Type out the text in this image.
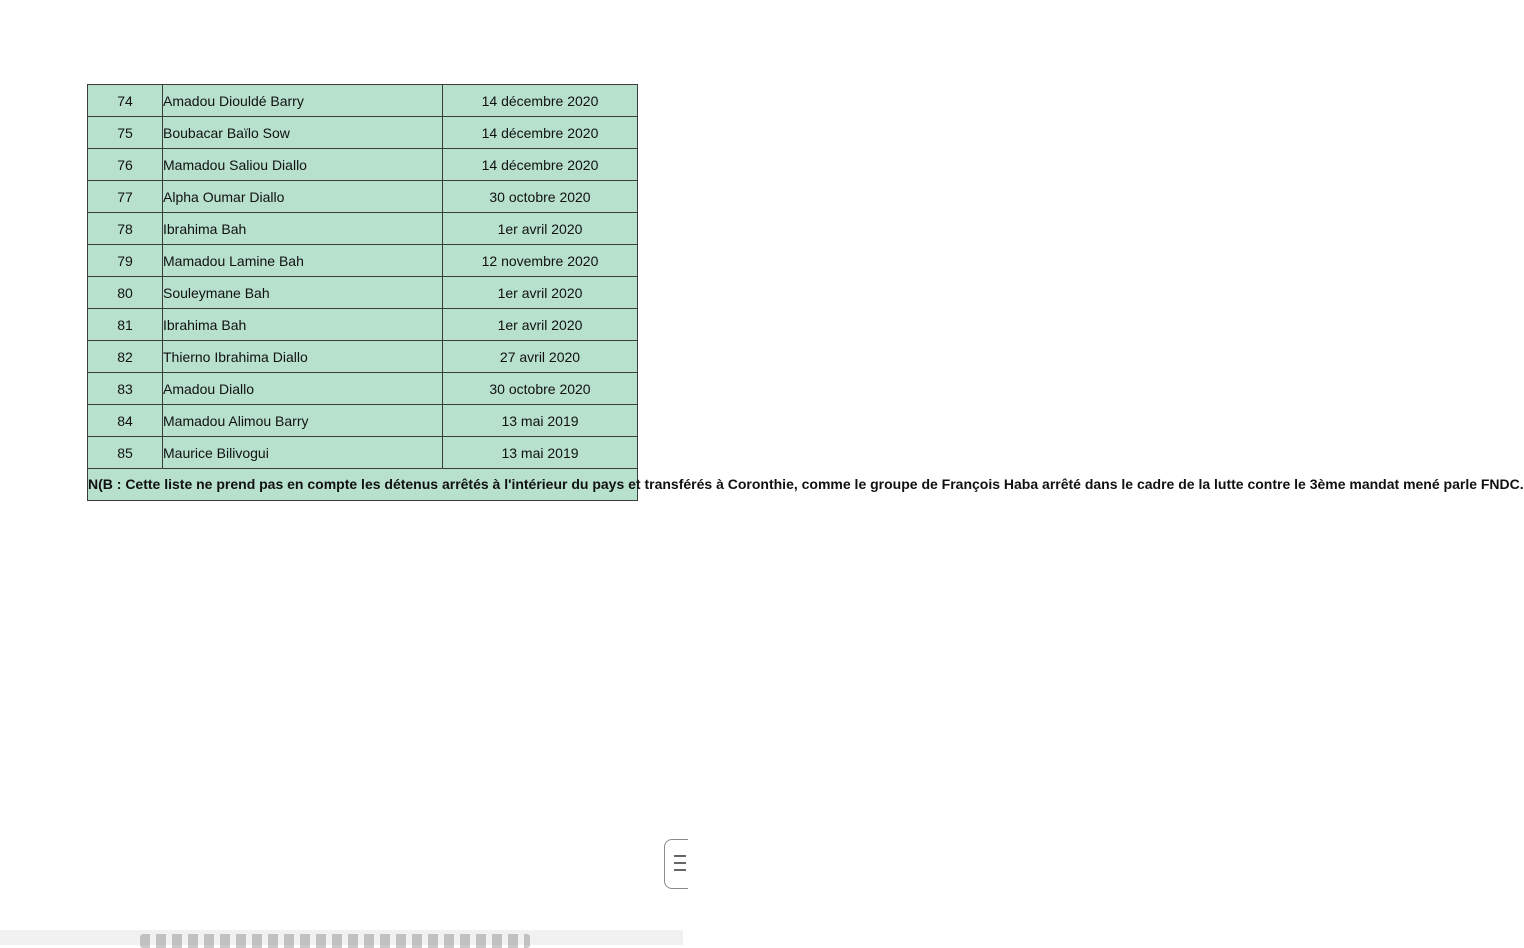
74	Amadou Diouldé Barry	14 décembre 2020
75	Boubacar Baïlo Sow	14 décembre 2020
76	Mamadou Saliou Diallo	14 décembre 2020
77	Alpha Oumar Diallo	30 octobre 2020
78	Ibrahima Bah	1er avril 2020
79	Mamadou Lamine Bah	12 novembre 2020
80	Souleymane Bah	1er avril 2020
81	Ibrahima Bah	1er avril 2020
82	Thierno Ibrahima Diallo	27 avril 2020
83	Amadou Diallo	30 octobre 2020
84	Mamadou Alimou Barry	13 mai 2019
85	Maurice Bilivogui	13 mai 2019
N(B : Cette liste ne prend pas en compte les détenus arrêtés à l'intérieur du pays et transférés à Coronthie, comme le groupe de François Haba arrêté dans le cadre de la lutte contre le 3ème mandat mené parle FNDC.		
